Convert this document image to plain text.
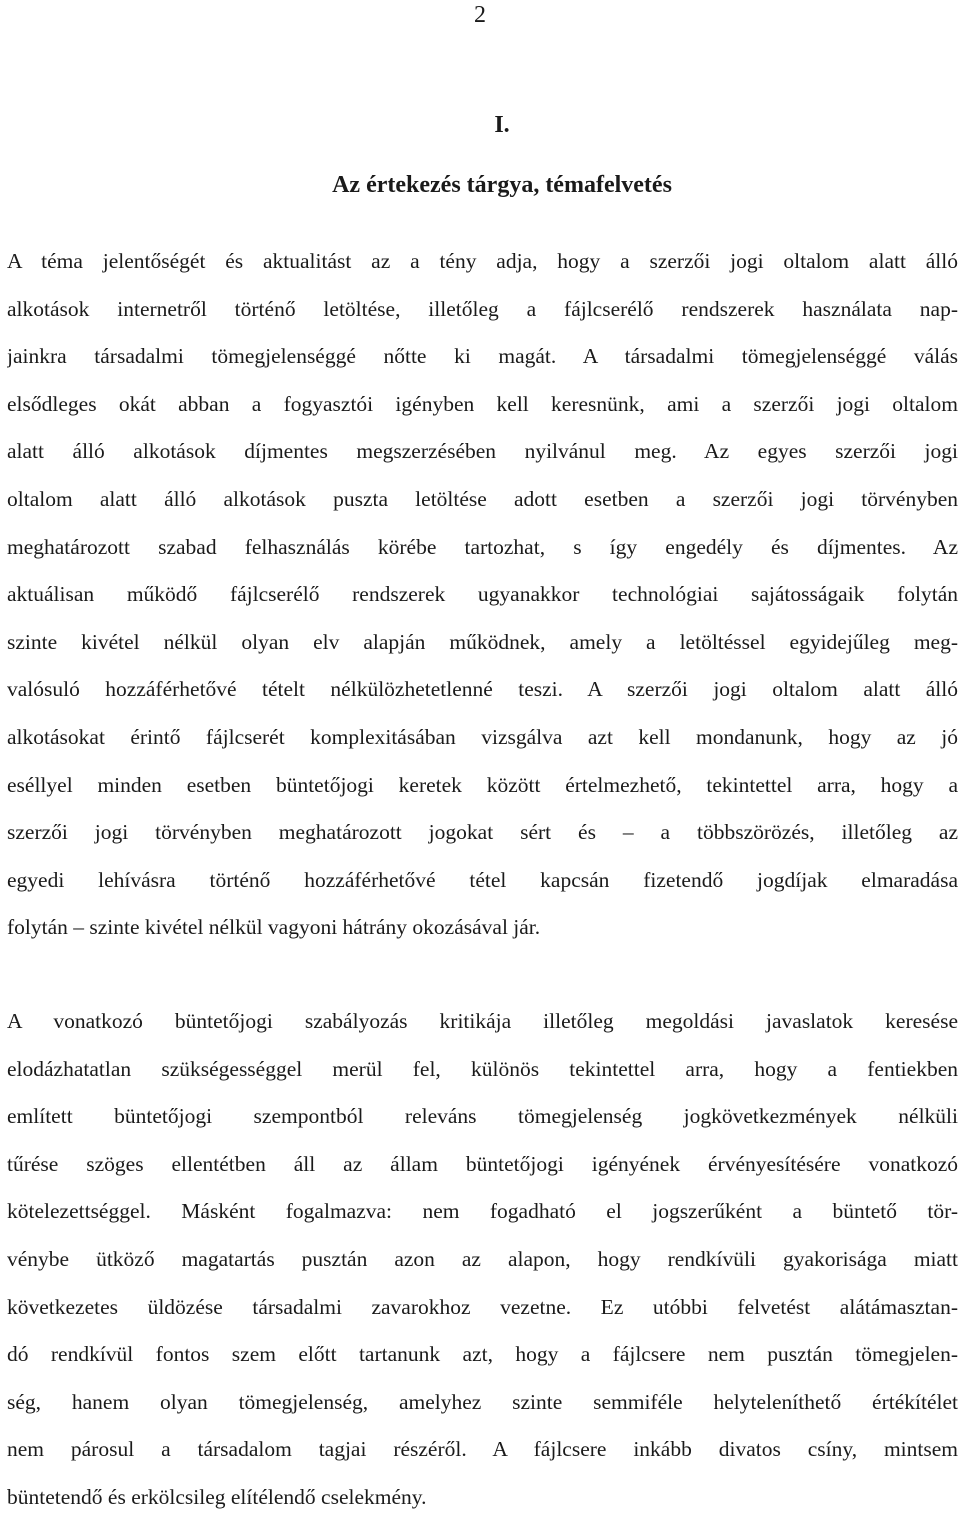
2
I.
Az értekezés tárgya, témafelvetés
A téma jelentőségét és aktualitást az a tény adja, hogy a szerzői jogi oltalom alatt álló
alkotások internetről történő letöltése, illetőleg a fájlcserélő rendszerek használata nap-
jainkra társadalmi tömegjelenséggé nőtte ki magát. A társadalmi tömegjelenséggé válás
elsődleges okát abban a fogyasztói igényben kell keresnünk, ami a szerzői jogi oltalom
alatt álló alkotások díjmentes megszerzésében nyilvánul meg. Az egyes szerzői jogi
oltalom alatt álló alkotások puszta letöltése adott esetben a szerzői jogi törvényben
meghatározott szabad felhasználás körébe tartozhat, s így engedély és díjmentes. Az
aktuálisan működő fájlcserélő rendszerek ugyanakkor technológiai sajátosságaik folytán
szinte kivétel nélkül olyan elv alapján működnek, amely a letöltéssel egyidejűleg meg-
valósuló hozzáférhetővé tételt nélkülözhetetlenné teszi. A szerzői jogi oltalom alatt álló
alkotásokat érintő fájlcserét komplexitásában vizsgálva azt kell mondanunk, hogy az jó
eséllyel minden esetben büntetőjogi keretek között értelmezhető, tekintettel arra, hogy a
szerzői jogi törvényben meghatározott jogokat sért és – a többszörözés, illetőleg az
egyedi lehívásra történő hozzáférhetővé tétel kapcsán fizetendő jogdíjak elmaradása
folytán – szinte kivétel nélkül vagyoni hátrány okozásával jár.
A vonatkozó büntetőjogi szabályozás kritikája illetőleg megoldási javaslatok keresése
elodázhatatlan szükségességgel merül fel, különös tekintettel arra, hogy a fentiekben
említett büntetőjogi szempontból releváns tömegjelenség jogkövetkezmények nélküli
tűrése szöges ellentétben áll az állam büntetőjogi igényének érvényesítésére vonatkozó
kötelezettséggel. Másként fogalmazva: nem fogadható el jogszerűként a büntető tör-
vénybe ütköző magatartás pusztán azon az alapon, hogy rendkívüli gyakorisága miatt
következetes üldözése társadalmi zavarokhoz vezetne. Ez utóbbi felvetést alátámasztan-
dó rendkívül fontos szem előtt tartanunk azt, hogy a fájlcsere nem pusztán tömegjelen-
ség, hanem olyan tömegjelenség, amelyhez szinte semmiféle helyteleníthető értékítélet
nem párosul a társadalom tagjai részéről. A fájlcsere inkább divatos csíny, mintsem
büntetendő és erkölcsileg elítélendő cselekmény.
